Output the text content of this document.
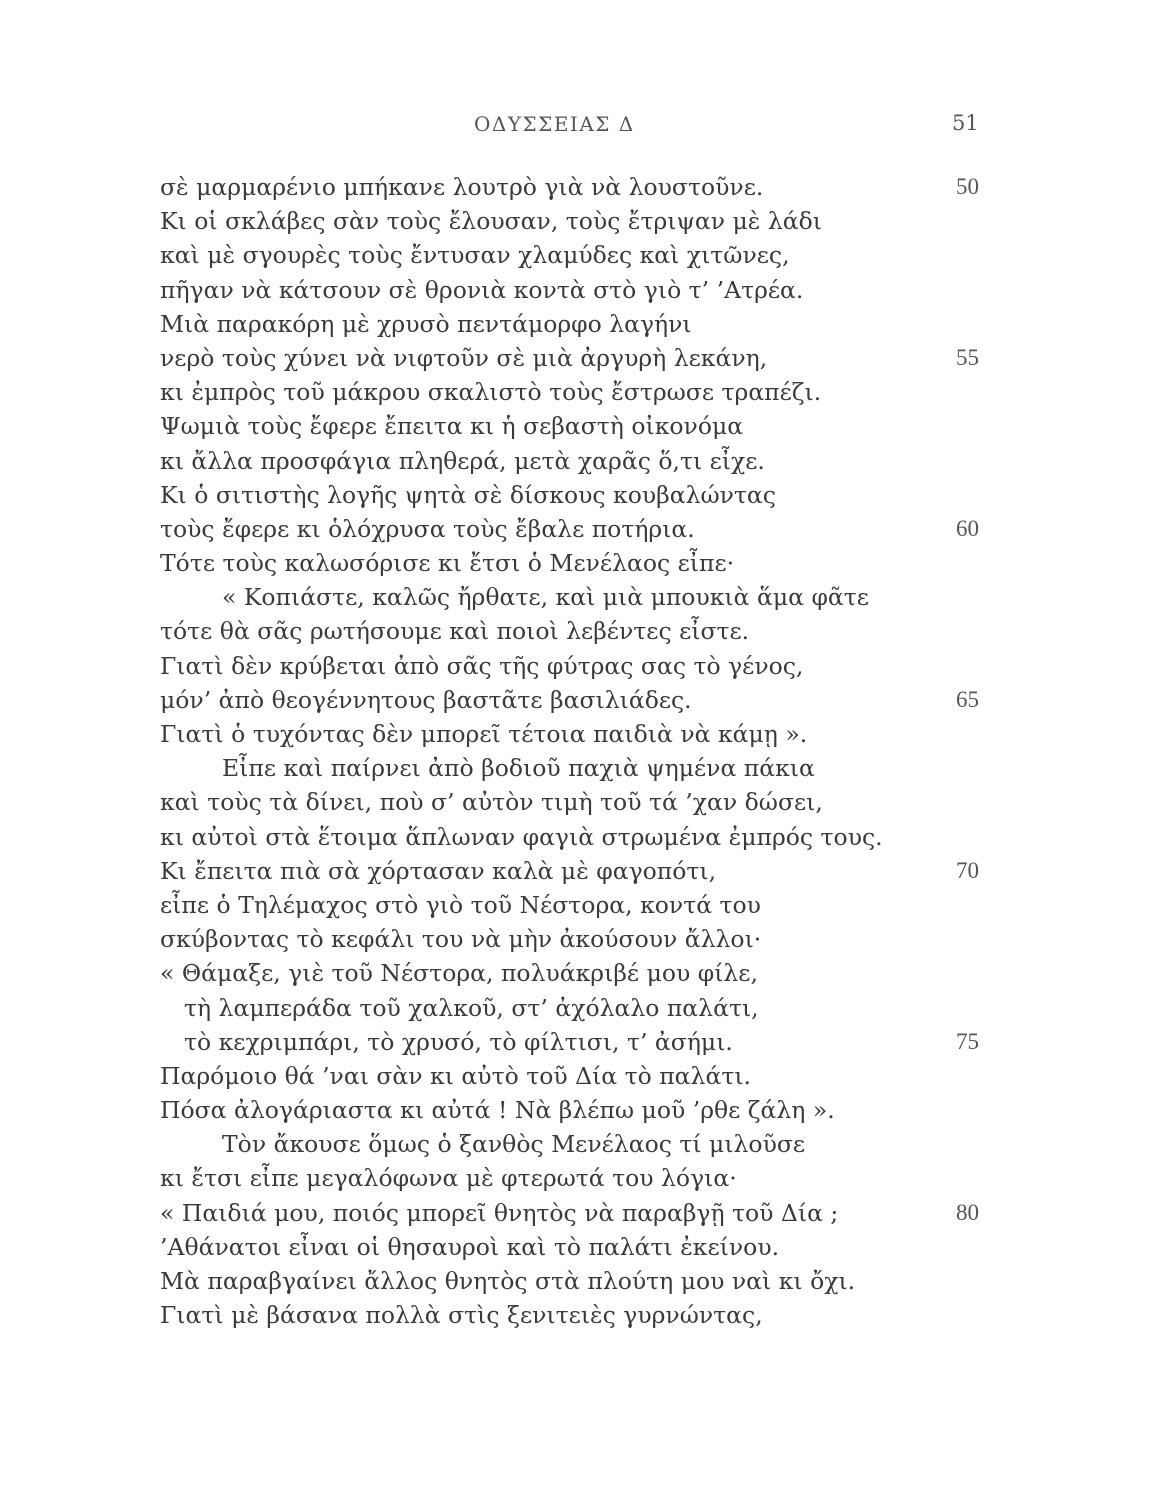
ΟΔΥΣΣΕΙΑΣ Δ	51
σὲ μαρμαρένιο μπήκανε λουτρὸ γιὰ νὰ λουστοῦνε.	50
Κι οἱ σκλάβες σὰν τοὺς ἔλουσαν, τοὺς ἔτριψαν μὲ λάδι
καὶ μὲ σγουρὲς τοὺς ἔντυσαν χλαμύδες καὶ χιτῶνες,
πῆγαν νὰ κάτσουν σὲ θρονιὰ κοντὰ στὸ γιὸ τ’ ’Ατρέα.
Μιὰ παρακόρη μὲ χρυσὸ πεντάμορφο λαγήνι
νερὸ τοὺς χύνει νὰ νιφτοῦν σὲ μιὰ ἀργυρὴ λεκάνη,	55
κι ἐμπρὸς τοῦ μάκρου σκαλιστὸ τοὺς ἔστρωσε τραπέζι.
Ψωμιὰ τοὺς ἔφερε ἔπειτα κι ἡ σεβαστὴ οἰκονόμα
κι ἄλλα προσφάγια πληθερά, μετὰ χαρᾶς ὅ,τι εἶχε.
Κι ὁ σιτιστὴς λογῆς ψητὰ σὲ δίσκους κουβαλώντας
τοὺς ἔφερε κι ὁλόχρυσα τοὺς ἔβαλε ποτήρια.	60
Τότε τοὺς καλωσόρισε κι ἔτσι ὁ Μενέλαος εἶπε·
« Κοπιάστε, καλῶς ἤρθατε, καὶ μιὰ μπουκιὰ ἅμα φᾶτε
τότε θὰ σᾶς ρωτήσουμε καὶ ποιοὶ λεβέντες εἶστε.
Γιατὶ δὲν κρύβεται ἀπὸ σᾶς τῆς φύτρας σας τὸ γένος,
μόν’ ἀπὸ θεογέννητους βαστᾶτε βασιλιάδες.	65
Γιατὶ ὁ τυχόντας δὲν μπορεῖ τέτοια παιδιὰ νὰ κάμῃ ».
Εἶπε καὶ παίρνει ἀπὸ βοδιοῦ παχιὰ ψημένα πάκια
καὶ τοὺς τὰ δίνει, ποὺ σ’ αὐτὸν τιμὴ τοῦ τά ’χαν δώσει,
κι αὐτοὶ στὰ ἕτοιμα ἅπλωναν φαγιὰ στρωμένα ἐμπρός τους.
Κι ἔπειτα πιὰ σὰ χόρτασαν καλὰ μὲ φαγοπότι,	70
εἶπε ὁ Τηλέμαχος στὸ γιὸ τοῦ Νέστορα, κοντά του
σκύβοντας τὸ κεφάλι του νὰ μὴν ἀκούσουν ἄλλοι·
« Θάμαξε, γιὲ τοῦ Νέστορα, πολυάκριβέ μου φίλε,
τὴ λαμπεράδα τοῦ χαλκοῦ, στ’ ἀχόλαλο παλάτι,
τὸ κεχριμπάρι, τὸ χρυσό, τὸ φίλτισι, τ’ ἀσήμι.	75
Παρόμοιο θά ’ναι σὰν κι αὐτὸ τοῦ Δία τὸ παλάτι.
Πόσα ἀλογάριαστα κι αὐτά ! Νὰ βλέπω μοῦ ’ρθε ζάλη ».
Τὸν ἄκουσε ὅμως ὁ ξανθὸς Μενέλαος τί μιλοῦσε
κι ἔτσι εἶπε μεγαλόφωνα μὲ φτερωτά του λόγια·
« Παιδιά μου, ποιός μπορεῖ θνητὸς νὰ παραβγῇ τοῦ Δία ;	80
’Αθάνατοι εἶναι οἱ θησαυροὶ καὶ τὸ παλάτι ἐκείνου.
Μὰ παραβγαίνει ἄλλος θνητὸς στὰ πλούτη μου ναὶ κι ὄχι.
Γιατὶ μὲ βάσανα πολλὰ στὶς ξενιτειὲς γυρνώντας,
